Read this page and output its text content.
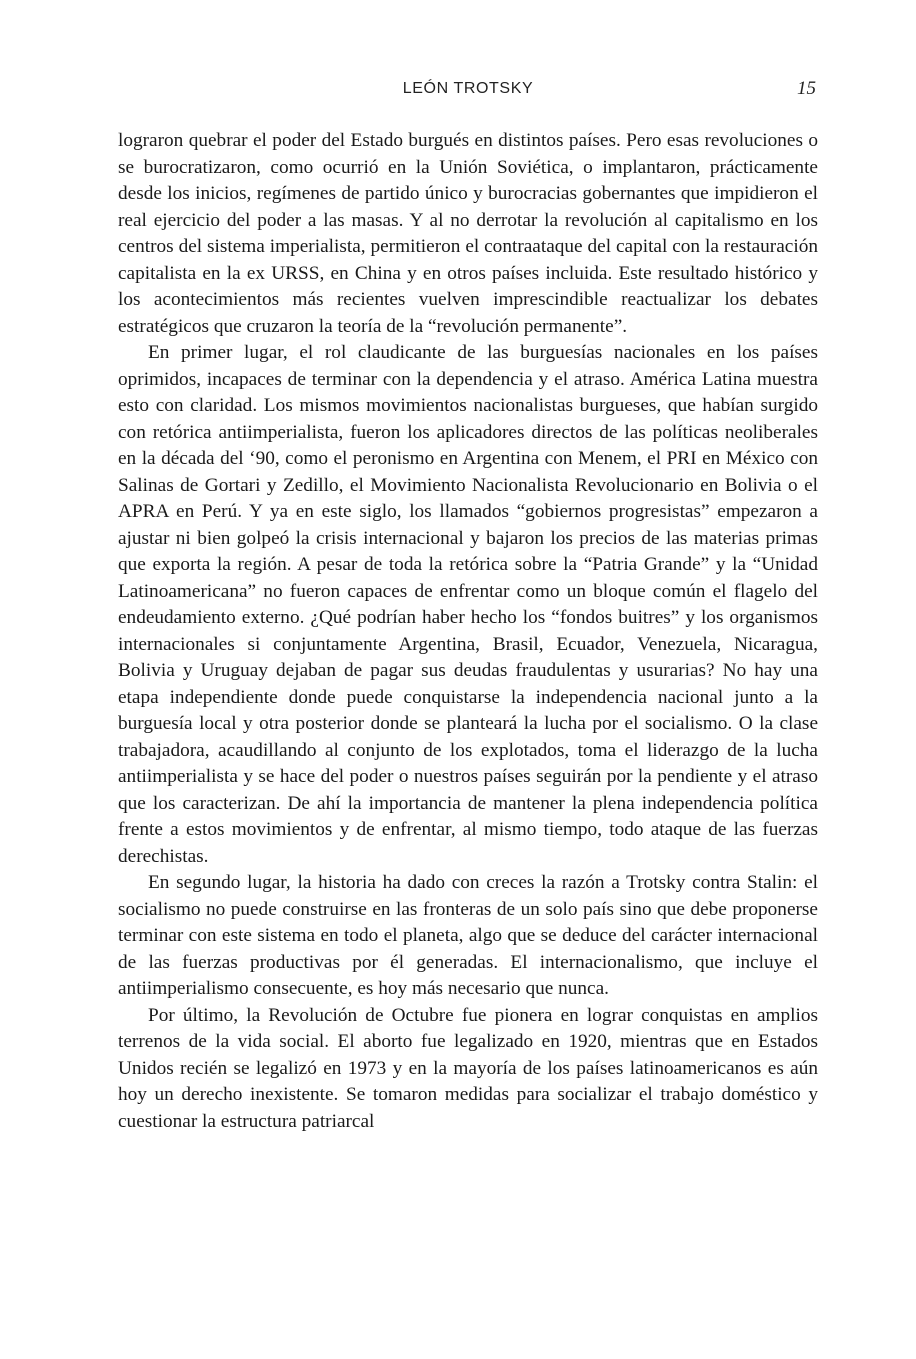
LEÓN TROTSKY	15

lograron quebrar el poder del Estado burgués en distintos países. Pero esas revoluciones o se burocratizaron, como ocurrió en la Unión Soviética, o implantaron, prácticamente desde los inicios, regímenes de partido único y burocracias gobernantes que impidieron el real ejercicio del poder a las masas. Y al no derrotar la revolución al capitalismo en los centros del sistema imperialista, permitieron el contraataque del capital con la restauración capitalista en la ex URSS, en China y en otros países incluida. Este resultado histórico y los acontecimientos más recientes vuelven imprescindible reactualizar los debates estratégicos que cruzaron la teoría de la “revolución permanente”.

En primer lugar, el rol claudicante de las burguesías nacionales en los países oprimidos, incapaces de terminar con la dependencia y el atraso. América Latina muestra esto con claridad. Los mismos movimientos nacionalistas burgueses, que habían surgido con retórica antiimperialista, fueron los aplicadores directos de las políticas neoliberales en la década del ‘90, como el peronismo en Argentina con Menem, el PRI en México con Salinas de Gortari y Zedillo, el Movimiento Nacionalista Revolucionario en Bolivia o el APRA en Perú. Y ya en este siglo, los llamados “gobiernos progresistas” empezaron a ajustar ni bien golpeó la crisis internacional y bajaron los precios de las materias primas que exporta la región. A pesar de toda la retórica sobre la “Patria Grande” y la “Unidad Latinoamericana” no fueron capaces de enfrentar como un bloque común el flagelo del endeudamiento externo. ¿Qué podrían haber hecho los “fondos buitres” y los organismos internacionales si conjuntamente Argentina, Brasil, Ecuador, Venezuela, Nicaragua, Bolivia y Uruguay dejaban de pagar sus deudas fraudulentas y usurarias? No hay una etapa independiente donde puede conquistarse la independencia nacional junto a la burguesía local y otra posterior donde se planteará la lucha por el socialismo. O la clase trabajadora, acaudillando al conjunto de los explotados, toma el liderazgo de la lucha antiimperialista y se hace del poder o nuestros países seguirán por la pendiente y el atraso que los caracterizan. De ahí la importancia de mantener la plena independencia política frente a estos movimientos y de enfrentar, al mismo tiempo, todo ataque de las fuerzas derechistas.

En segundo lugar, la historia ha dado con creces la razón a Trotsky contra Stalin: el socialismo no puede construirse en las fronteras de un solo país sino que debe proponerse terminar con este sistema en todo el planeta, algo que se deduce del carácter internacional de las fuerzas productivas por él generadas. El internacionalismo, que incluye el antiimperialismo consecuente, es hoy más necesario que nunca.

Por último, la Revolución de Octubre fue pionera en lograr conquistas en amplios terrenos de la vida social. El aborto fue legalizado en 1920, mientras que en Estados Unidos recién se legalizó en 1973 y en la mayoría de los países latinoamericanos es aún hoy un derecho inexistente. Se tomaron medidas para socializar el trabajo doméstico y cuestionar la estructura patriarcal
